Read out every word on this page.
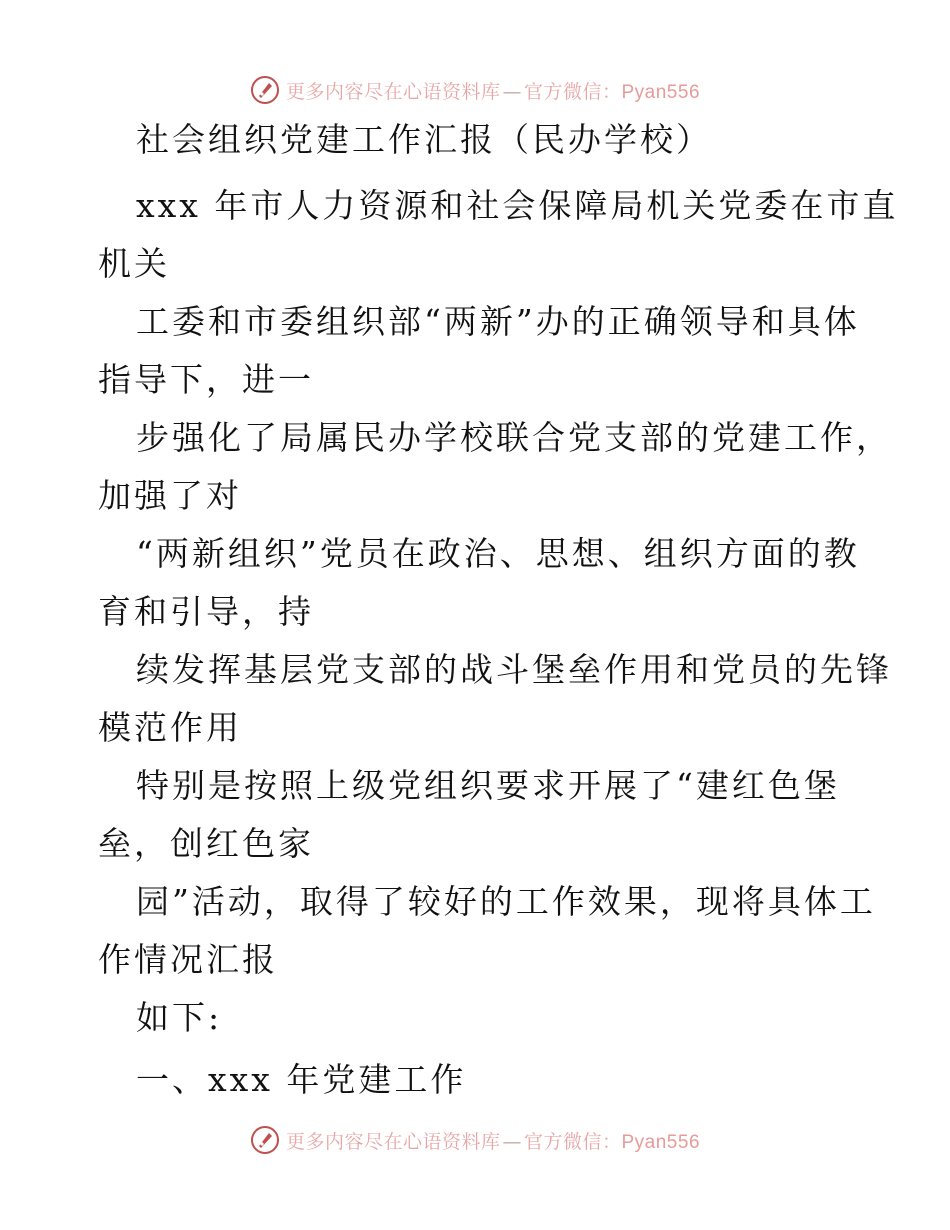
更多内容尽在心语资料库 — 官方微信：Pyan556
社会组织党建工作汇报（民办学校）
xxx 年市人力资源和社会保障局机关党委在市直
机关
工委和市委组织部“两新”办的正确领导和具体
指导下，进一
步强化了局属民办学校联合党支部的党建工作，
加强了对
“两新组织”党员在政治、思想、组织方面的教
育和引导，持
续发挥基层党支部的战斗堡垒作用和党员的先锋
模范作用
特别是按照上级党组织要求开展了“建红色堡
垒，创红色家
园”活动，取得了较好的工作效果，现将具体工
作情况汇报
如下:
一、xxx 年党建工作
更多内容尽在心语资料库 — 官方微信：Pyan556
